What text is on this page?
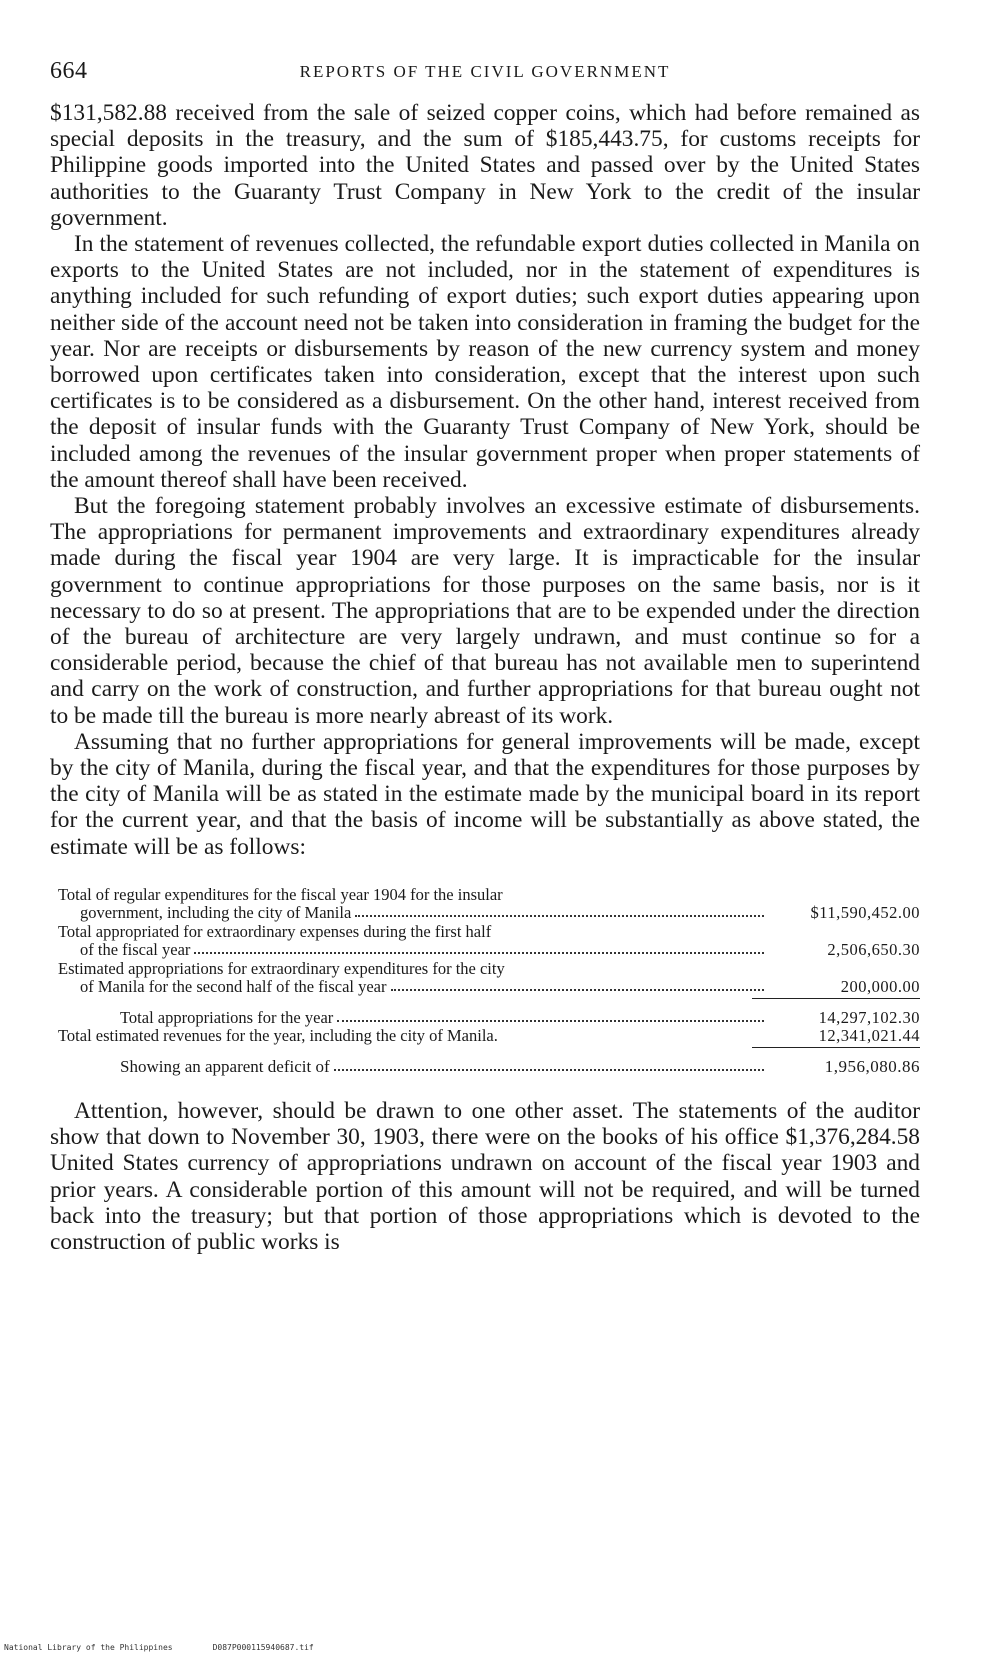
664	REPORTS OF THE CIVIL GOVERNMENT

$131,582.88 received from the sale of seized copper coins, which had before remained as special deposits in the treasury, and the sum of $185,443.75, for customs receipts for Philippine goods imported into the United States and passed over by the United States authorities to the Guaranty Trust Company in New York to the credit of the insular government.

In the statement of revenues collected, the refundable export duties collected in Manila on exports to the United States are not included, nor in the statement of expenditures is anything included for such refunding of export duties; such export duties appearing upon neither side of the account need not be taken into consideration in framing the budget for the year. Nor are receipts or disbursements by reason of the new currency system and money borrowed upon certificates taken into consideration, except that the interest upon such certificates is to be considered as a disbursement. On the other hand, interest received from the deposit of insular funds with the Guaranty Trust Company of New York, should be included among the revenues of the insular government proper when proper statements of the amount thereof shall have been received.

But the foregoing statement probably involves an excessive estimate of disbursements. The appropriations for permanent improvements and extraordinary expenditures already made during the fiscal year 1904 are very large. It is impracticable for the insular government to continue appropriations for those purposes on the same basis, nor is it necessary to do so at present. The appropriations that are to be expended under the direction of the bureau of architecture are very largely undrawn, and must continue so for a considerable period, because the chief of that bureau has not available men to superintend and carry on the work of construction, and further appropriations for that bureau ought not to be made till the bureau is more nearly abreast of its work.

Assuming that no further appropriations for general improvements will be made, except by the city of Manila, during the fiscal year, and that the expenditures for those purposes by the city of Manila will be as stated in the estimate made by the municipal board in its report for the current year, and that the basis of income will be substantially as above stated, the estimate will be as follows:

Total of regular expenditures for the fiscal year 1904 for the insular
government, including the city of Manila	$11,590,452.00
Total appropriated for extraordinary expenses during the first half
of the fiscal year	2,506,650.30
Estimated appropriations for extraordinary expenditures for the city
of Manila for the second half of the fiscal year	200,000.00
Total appropriations for the year	14,297,102.30
Total estimated revenues for the year, including the city of Manila.	12,341,021.44
Showing an apparent deficit of	1,956,080.86

Attention, however, should be drawn to one other asset. The statements of the auditor show that down to November 30, 1903, there were on the books of his office $1,376,284.58 United States currency of appropriations undrawn on account of the fiscal year 1903 and prior years. A considerable portion of this amount will not be required, and will be turned back into the treasury; but that portion of those appropriations which is devoted to the construction of public works is

National Library of the Philippines	D087P000115940687.tif
